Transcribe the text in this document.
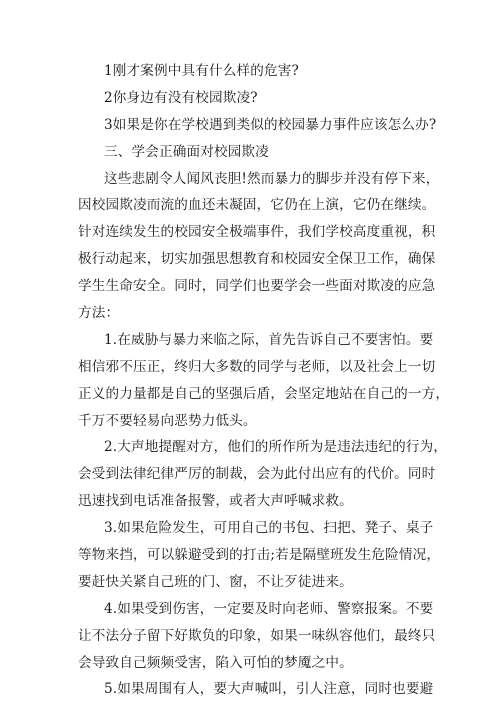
1刚才案例中具有什么样的危害?

2你身边有没有校园欺凌?

3如果是你在学校遇到类似的校园暴力事件应该怎么办?

三、学会正确面对校园欺凌

这些悲剧令人闻风丧胆!然而暴力的脚步并没有停下来，

因校园欺凌而流的血还未凝固，它仍在上演，它仍在继续。

针对连续发生的校园安全极端事件，我们学校高度重视，积

极行动起来，切实加强思想教育和校园安全保卫工作，确保

学生生命安全。同时，同学们也要学会一些面对欺凌的应急

方法：

1.在威胁与暴力来临之际，首先告诉自己不要害怕。要

相信邪不压正，终归大多数的同学与老师，以及社会上一切

正义的力量都是自己的坚强后盾，会坚定地站在自己的一方，

千万不要轻易向恶势力低头。

2.大声地提醒对方，他们的所作所为是违法违纪的行为，

会受到法律纪律严厉的制裁，会为此付出应有的代价。同时

迅速找到电话准备报警，或者大声呼喊求救。

3.如果危险发生，可用自己的书包、扫把、凳子、桌子

等物来挡，可以躲避受到的打击;若是隔壁班发生危险情况，

要赶快关紧自己班的门、窗，不让歹徒进来。

4.如果受到伤害，一定要及时向老师、警察报案。不要

让不法分子留下好欺负的印象，如果一味纵容他们，最终只

会导致自己频频受害，陷入可怕的梦魇之中。

5.如果周围有人，要大声喊叫，引人注意，同时也要避
